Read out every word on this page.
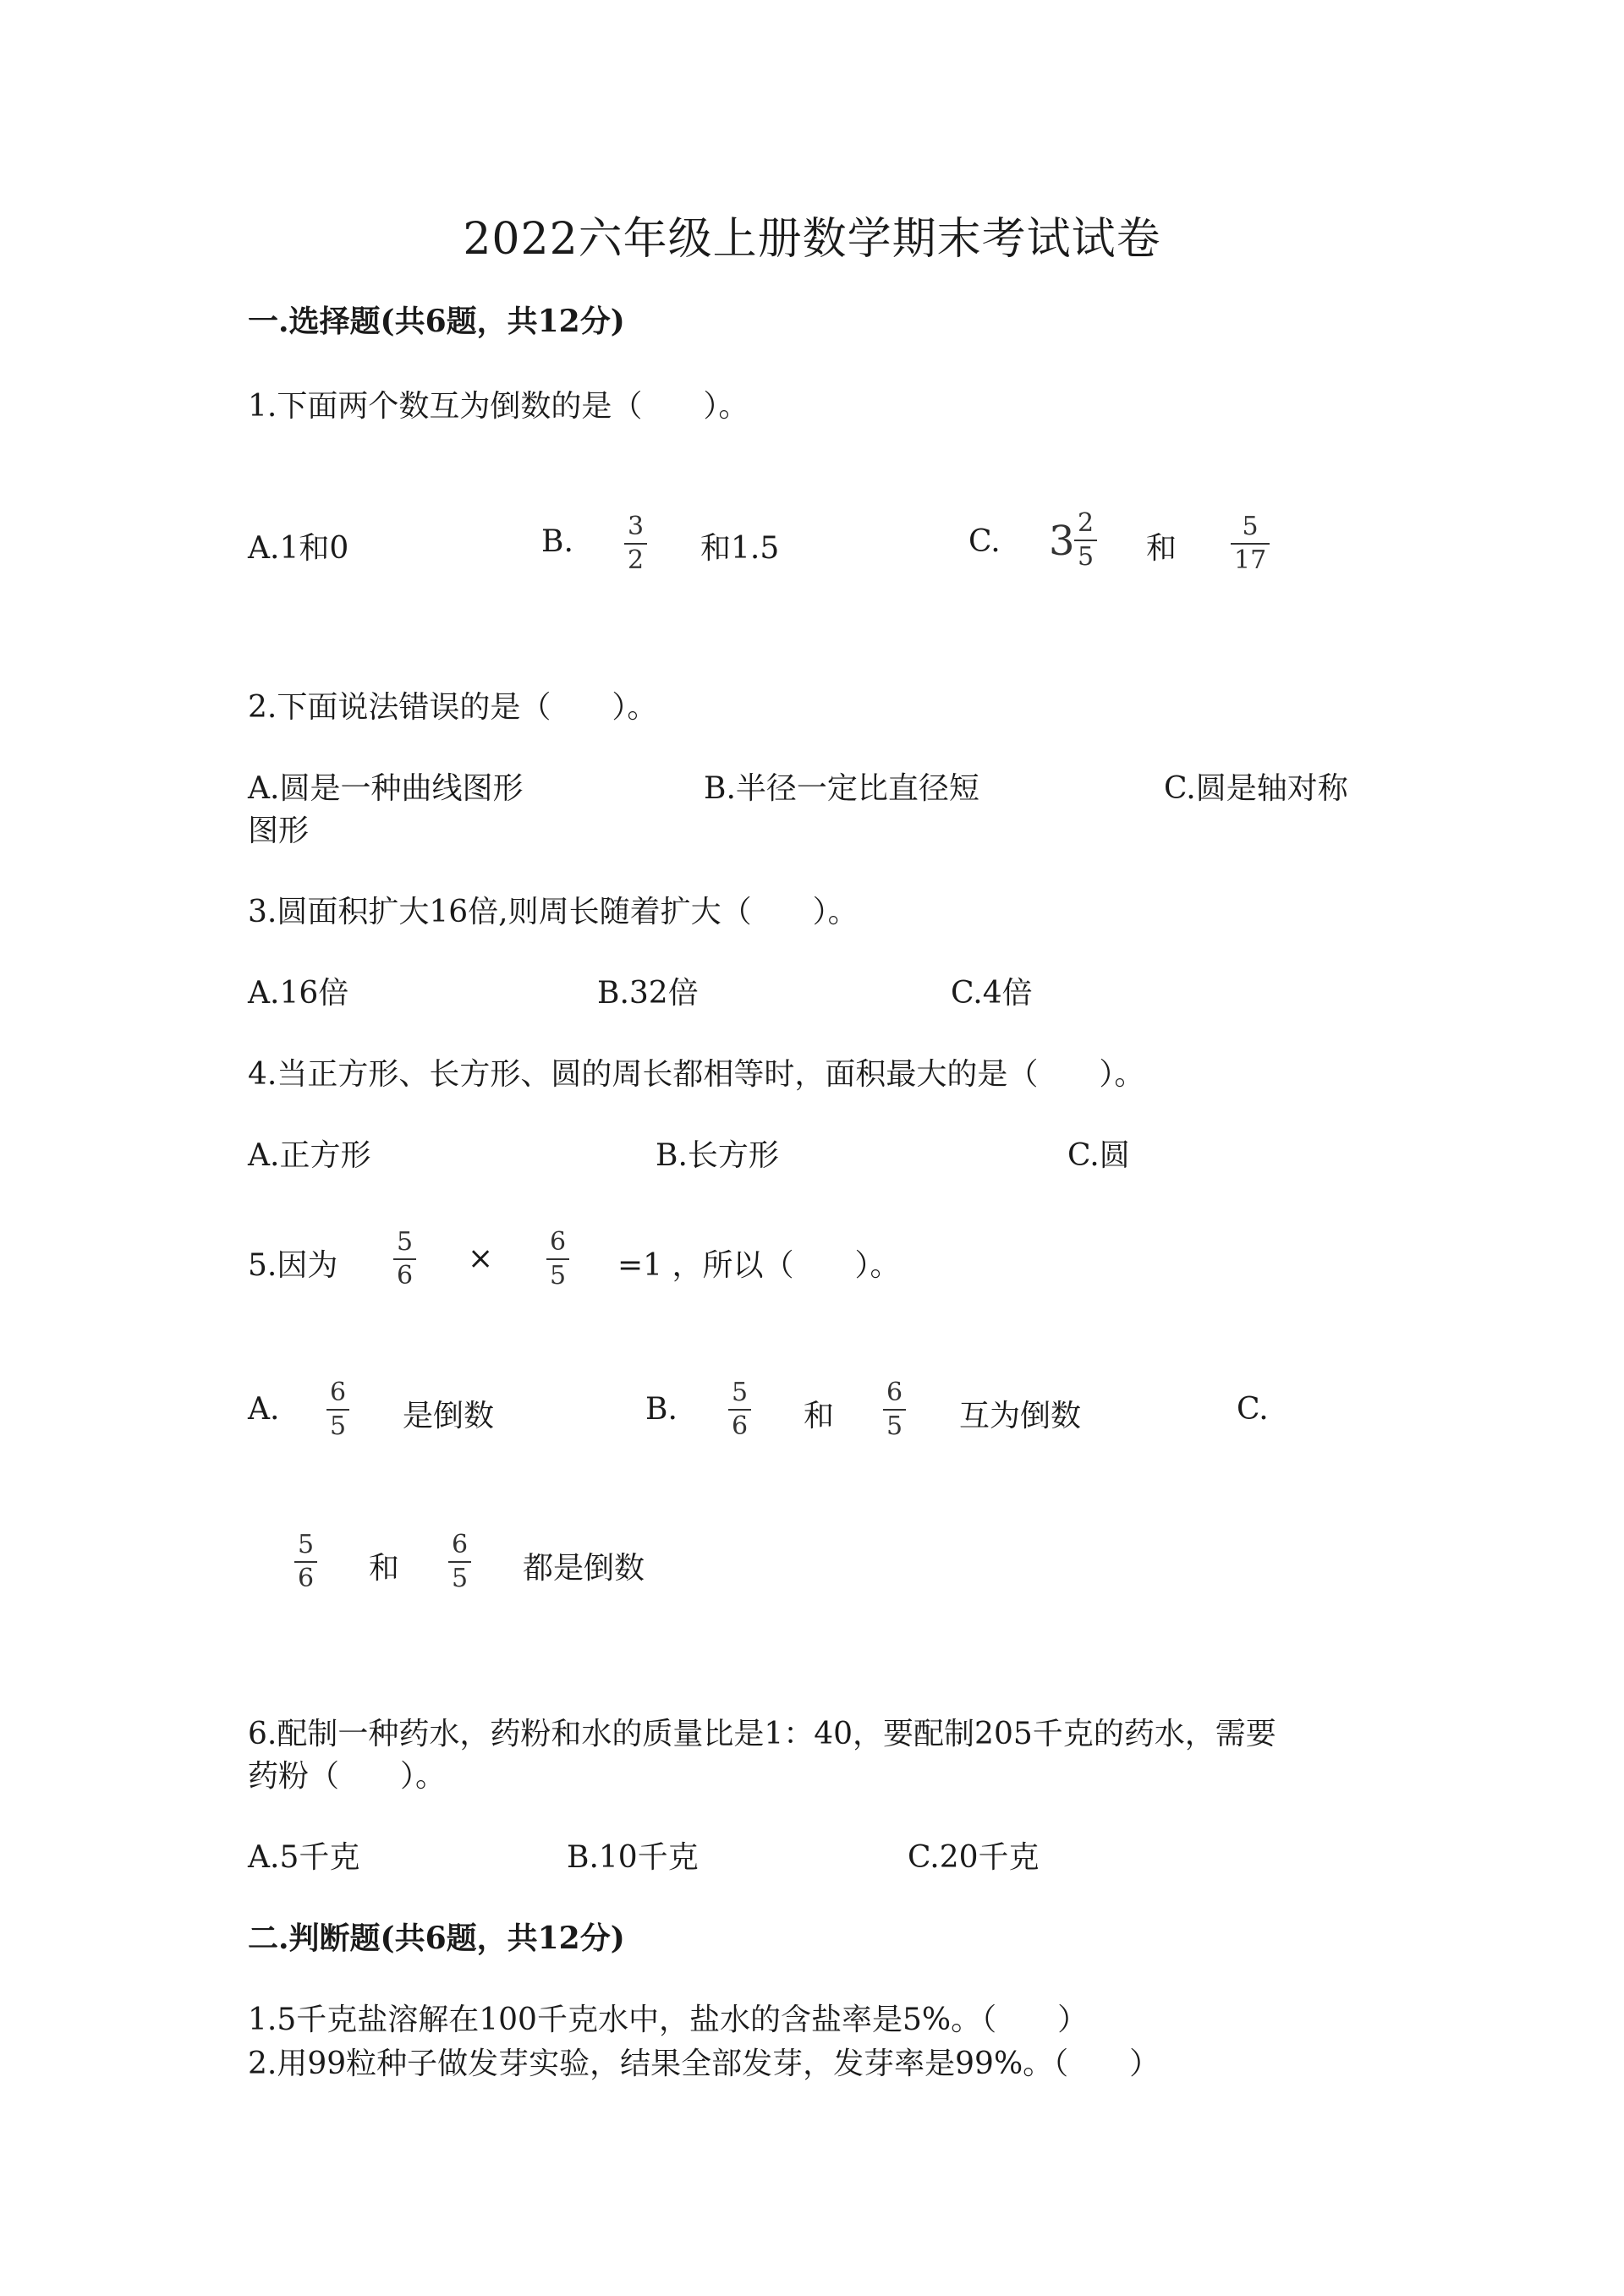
2022六年级上册数学期末考试试卷
一.选择题(共6题，共12分)
1.下面两个数互为倒数的是（　　）。
A.1和0	B. 3
2 和1.5	C. 3 2
5 和
5
17
2.下面说法错误的是（　　）。
A.圆是一种曲线图形	B.半径一定比直径短	C.圆是轴对称
图形
3.圆面积扩大16倍,则周长随着扩大（　　）。
A.16倍	B.32倍	C.4倍
4.当正方形、长方形、圆的周长都相等时，面积最大的是（　　）。
A.正方形	B.长方形	C.圆
5.因为
5
6 × 6
5 =1 ，所以（　　）。
A. 6
5 是倒数	B. 5
6 和
6
5 互为倒数	C.
5
6 和
6
5 都是倒数
6.配制一种药水，药粉和水的质量比是1：40，要配制205千克的药水，需要
药粉（　　）。
A.5千克	B.10千克	C.20千克
二.判断题(共6题，共12分)
1.5千克盐溶解在100千克水中，盐水的含盐率是5%。（　　）
2.用99粒种子做发芽实验，结果全部发芽，发芽率是99%。（　　）
